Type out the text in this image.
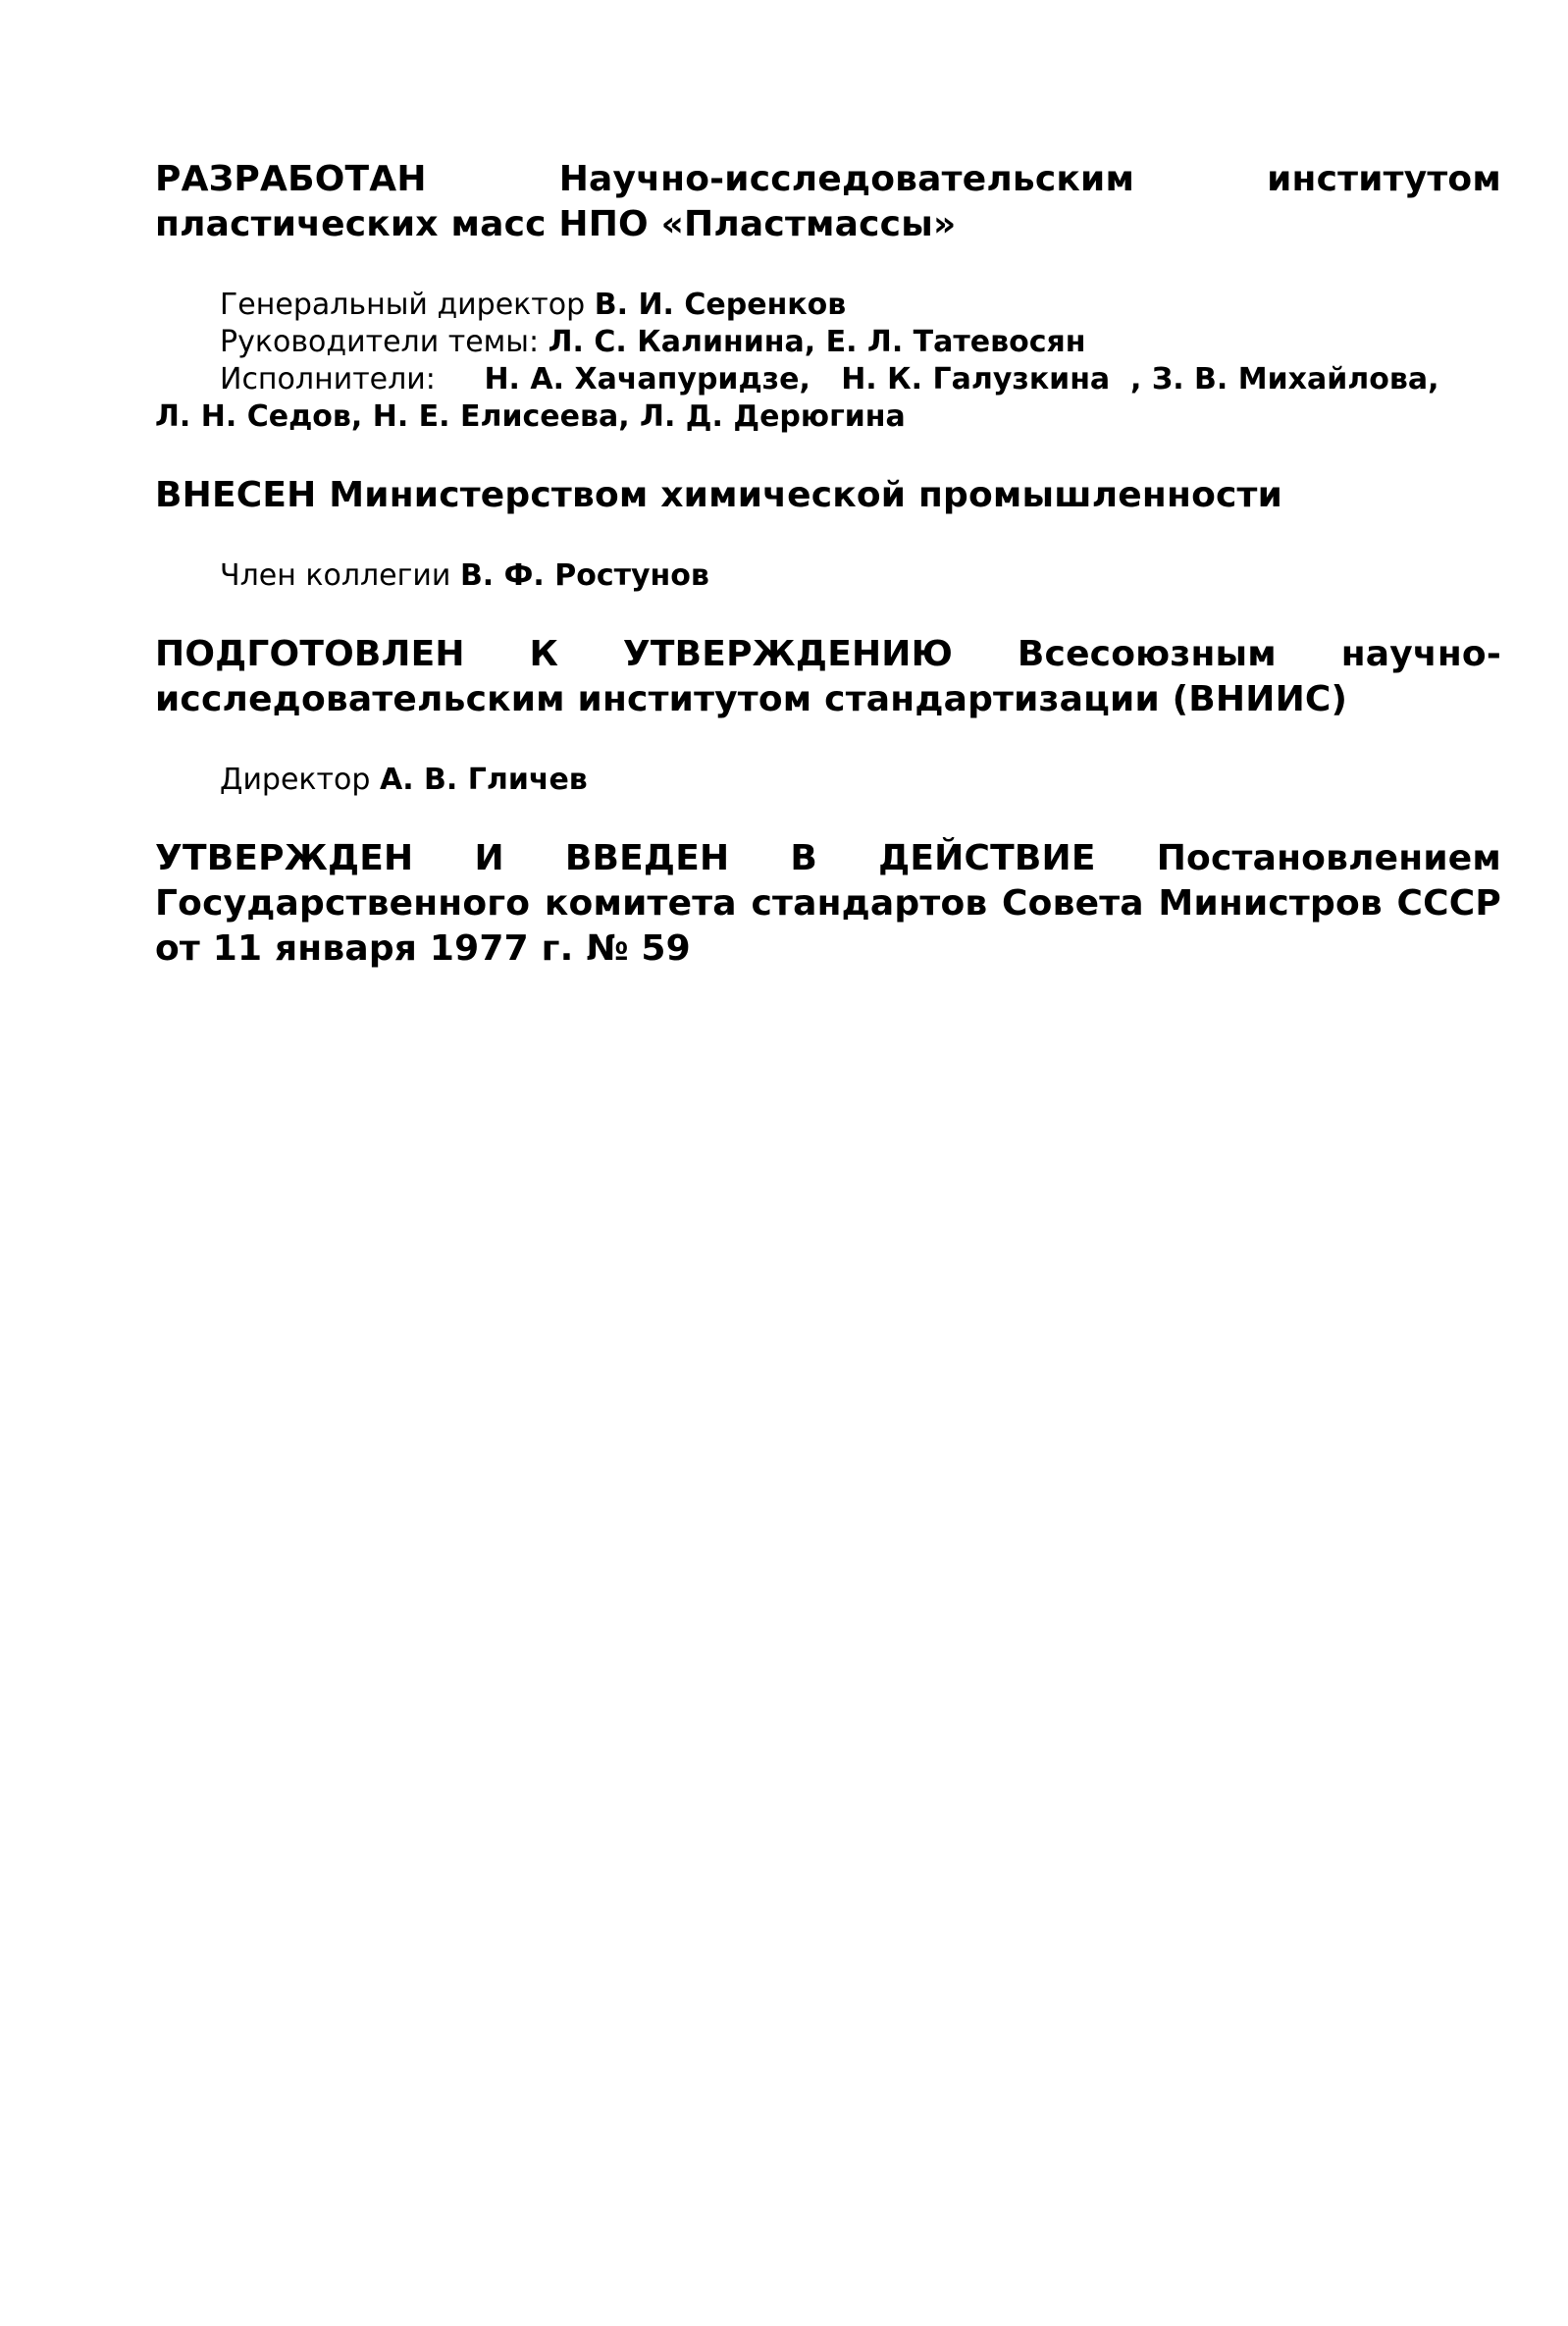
РАЗРАБОТАН	Научно-исследовательским институтом пластических масс НПО «Пластмассы»

Генеральный директор В. И. Серенков
Руководители темы: Л. С. Калинина, Е. Л. Татевосян
Исполнители: Н. А. Хачапуридзе,   Н. К. Галузкина  , З. В. Михайлова,
Л. Н. Седов, Н. Е. Елисеева, Л. Д. Дерюгина

ВНЕСЕН Министерством химической промышленности

Член коллегии В. Ф. Ростунов

ПОДГОТОВЛЕН К УТВЕРЖДЕНИЮ Всесоюзным научно-исследовательским институтом стандартизации (ВНИИС)

Директор А. В. Гличев

УТВЕРЖДЕН И ВВЕДЕН В ДЕЙСТВИЕ Постановлением Государственного комитета стандартов Совета Министров СССР от 11 января 1977 г. № 59
